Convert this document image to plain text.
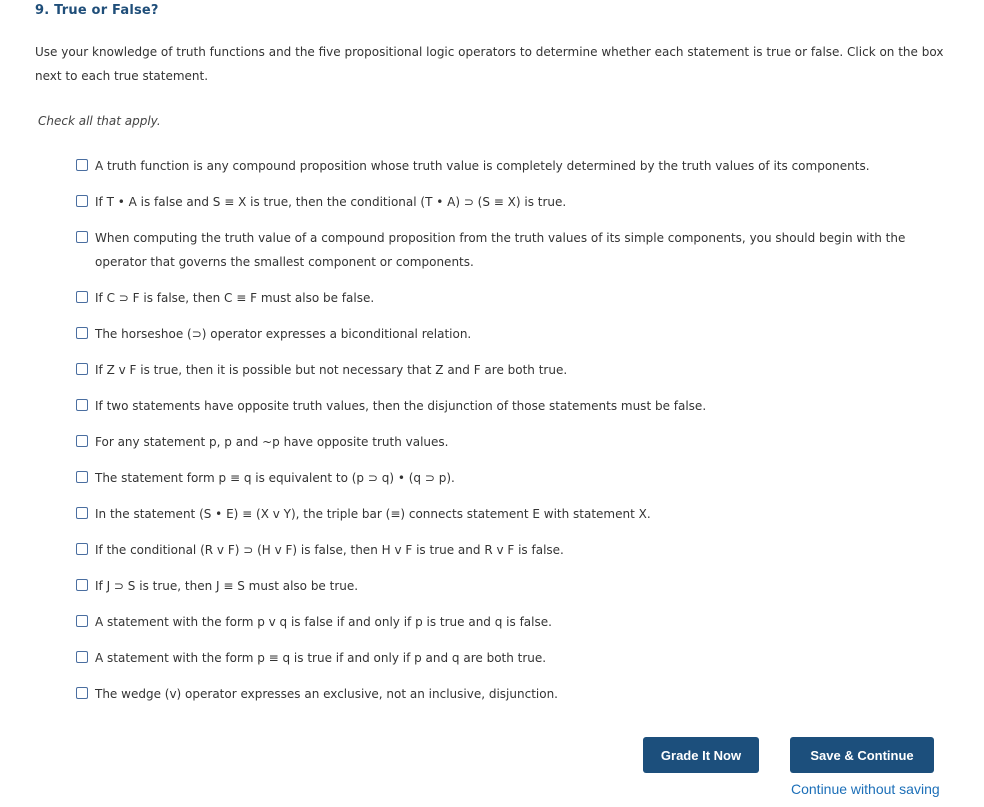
9. True or False?
Use your knowledge of truth functions and the five propositional logic operators to determine whether each statement is true or false. Click on the box next to each true statement.
Check all that apply.
A truth function is any compound proposition whose truth value is completely determined by the truth values of its components.
If T • A is false and S ≡ X is true, then the conditional (T • A) ⊃ (S ≡ X) is true.
When computing the truth value of a compound proposition from the truth values of its simple components, you should begin with the operator that governs the smallest component or components.
If C ⊃ F is false, then C ≡ F must also be false.
The horseshoe (⊃) operator expresses a biconditional relation.
If Z v F is true, then it is possible but not necessary that Z and F are both true.
If two statements have opposite truth values, then the disjunction of those statements must be false.
For any statement p, p and ~p have opposite truth values.
The statement form p ≡ q is equivalent to (p ⊃ q) • (q ⊃ p).
In the statement (S • E) ≡ (X v Y), the triple bar (≡) connects statement E with statement X.
If the conditional (R v F) ⊃ (H v F) is false, then H v F is true and R v F is false.
If J ⊃ S is true, then J ≡ S must also be true.
A statement with the form p v q is false if and only if p is true and q is false.
A statement with the form p ≡ q is true if and only if p and q are both true.
The wedge (v) operator expresses an exclusive, not an inclusive, disjunction.
Grade It Now	Save & Continue
Continue without saving
